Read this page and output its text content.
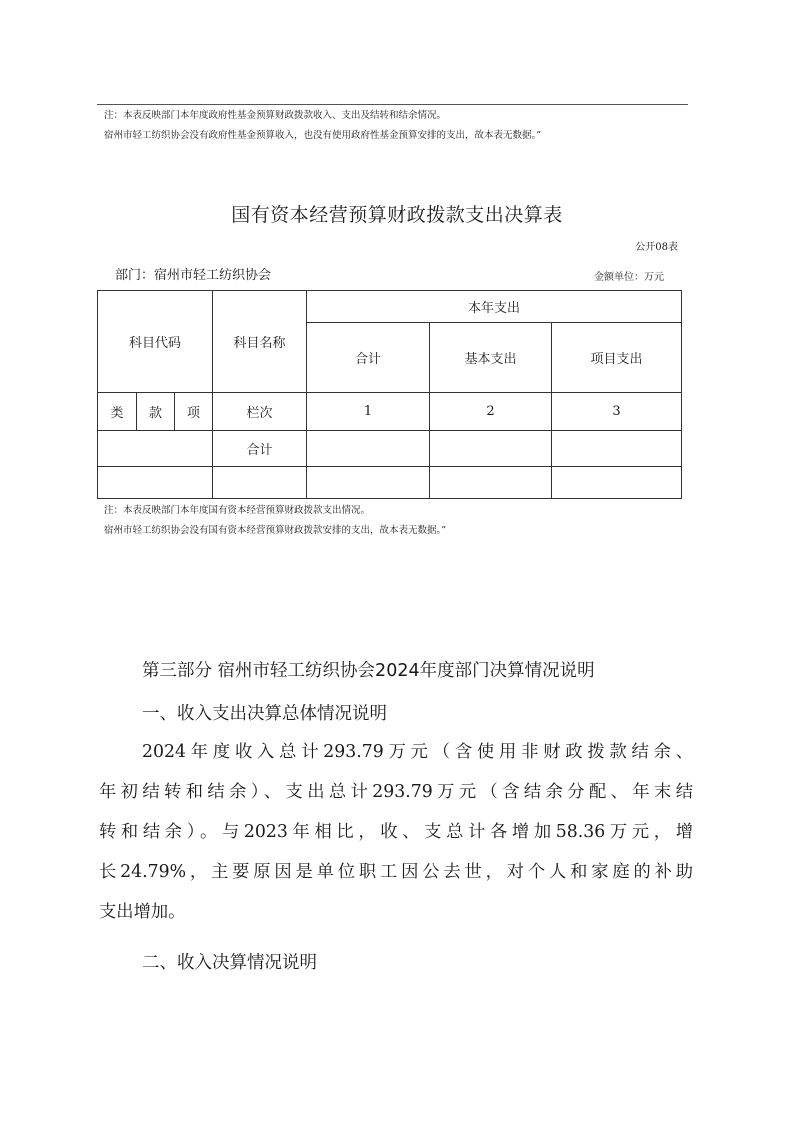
注：本表反映部门本年度政府性基金预算财政拨款收入、支出及结转和结余情况。
宿州市轻工纺织协会没有政府性基金预算收入，也没有使用政府性基金预算安排的支出，故本表无数据。”
国有资本经营预算财政拨款支出决算表
公开08表
部门：宿州市轻工纺织协会	金额单位：万元
科目代码			科目名称	本年支出		
				合计	基本支出	项目支出
类	款	项	栏次	1	2	3
			合计			

注：本表反映部门本年度国有资本经营预算财政拨款支出情况。
宿州市轻工纺织协会没有国有资本经营预算财政拨款安排的支出，故本表无数据。”
第三部分 宿州市轻工纺织协会2024年度部门决算情况说明
一、收入支出决算总体情况说明
2024年度收入总计293.79万元（含使用非财政拨款结余、
年初结转和结余）、支出总计293.79万元（含结余分配、年末结
转和结余）。与2023年相比，收、支总计各增加58.36万元，增
长24.79%，主要原因是单位职工因公去世，对个人和家庭的补助
支出增加。
二、收入决算情况说明
